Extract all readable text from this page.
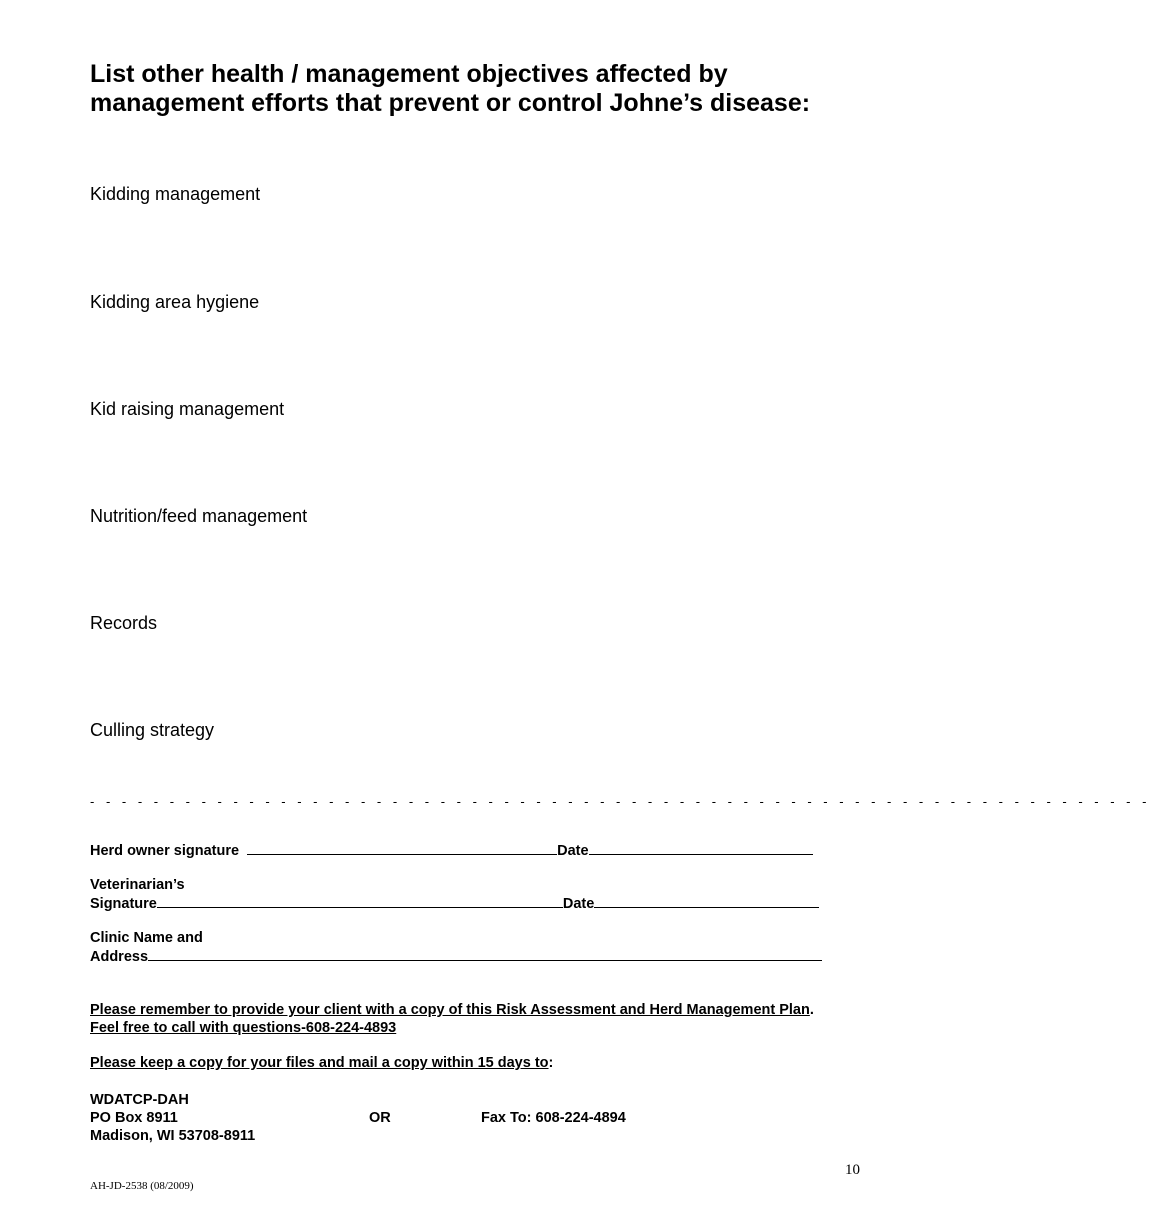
List other health / management objectives affected by
management efforts that prevent or control Johne’s disease:
Kidding management
Kidding area hygiene
Kid raising management
Nutrition/feed management
Records
Culling strategy
- - - - - - - - - - - - - - - - - - - - - - - - - - - - - - - - - - - - - - - - - - - - - - - - - - - - - - - - - - - - - - - - - - -
Herd owner signature	Date
Veterinarian’s
Signature	Date
Clinic Name and
Address
Please remember to provide your client with a copy of this Risk Assessment and Herd Management Plan.  Feel free to call with questions-608-224-4893
Please keep a copy for your files and mail a copy within 15 days to:
WDATCP-DAH
PO Box 8911
Madison, WI 53708-8911
OR	Fax To: 608-224-4894
10
AH-JD-2538 (08/2009)
